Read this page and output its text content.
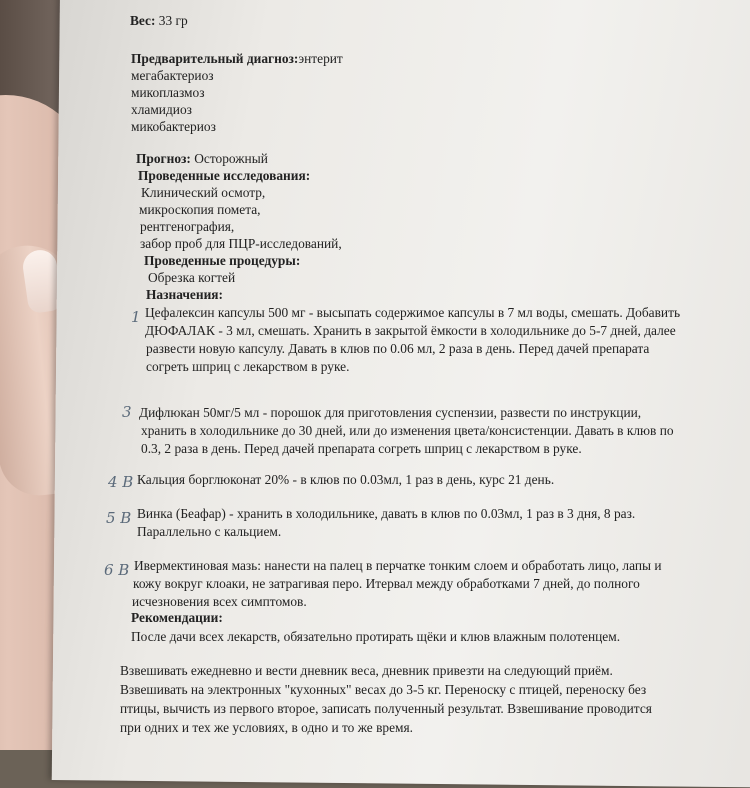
Вес: 33 гр
Предварительный диагноз:энтерит
мегабактериоз
микоплазмоз
хламидиоз
микобактериоз
Прогноз: Осторожный
Проведенные исследования:
Клинический осмотр,
микроскопия помета,
рентгенография,
забор проб для ПЦР-исследований,
Проведенные процедуры:
Обрезка когтей
Назначения:
1 Цефалексин капсулы 500 мг - высыпать содержимое капсулы в 7 мл воды, смешать. Добавить
ДЮФАЛАК - 3 мл, смешать. Хранить в закрытой ёмкости в холодильнике до 5-7 дней, далее
развести новую капсулу. Давать в клюв по 0.06 мл, 2 раза в день. Перед дачей препарата
согреть шприц с лекарством в руке.
3 Дифлюкан 50мг/5 мл - порошок для приготовления суспензии, развести по инструкции,
хранить в холодильнике до 30 дней, или до изменения цвета/консистенции. Давать в клюв по
0.3, 2 раза в день. Перед дачей препарата согреть шприц с лекарством в руке.
4 В Кальция борглюконат 20% - в клюв по 0.03мл, 1 раз в день, курс 21 день.
5 В Винка (Беафар) - хранить в холодильнике, давать в клюв по 0.03мл, 1 раз в 3 дня, 8 раз.
Параллельно с кальцием.
6 В Ивермектиновая мазь: нанести на палец в перчатке тонким слоем и обработать лицо, лапы и
кожу вокруг клоаки, не затрагивая перо. Итервал между обработками 7 дней, до полного
исчезновения всех симптомов.
Рекомендации:
После дачи всех лекарств, обязательно протирать щёки и клюв влажным полотенцем.
Взвешивать ежедневно и вести дневник веса, дневник привезти на следующий приём.
Взвешивать на электронных "кухонных" весах до 3-5 кг. Переноску с птицей, переноску без
птицы, вычисть из первого второе, записать полученный результат. Взвешивание проводится
при одних и тех же условиях, в одно и то же время.
